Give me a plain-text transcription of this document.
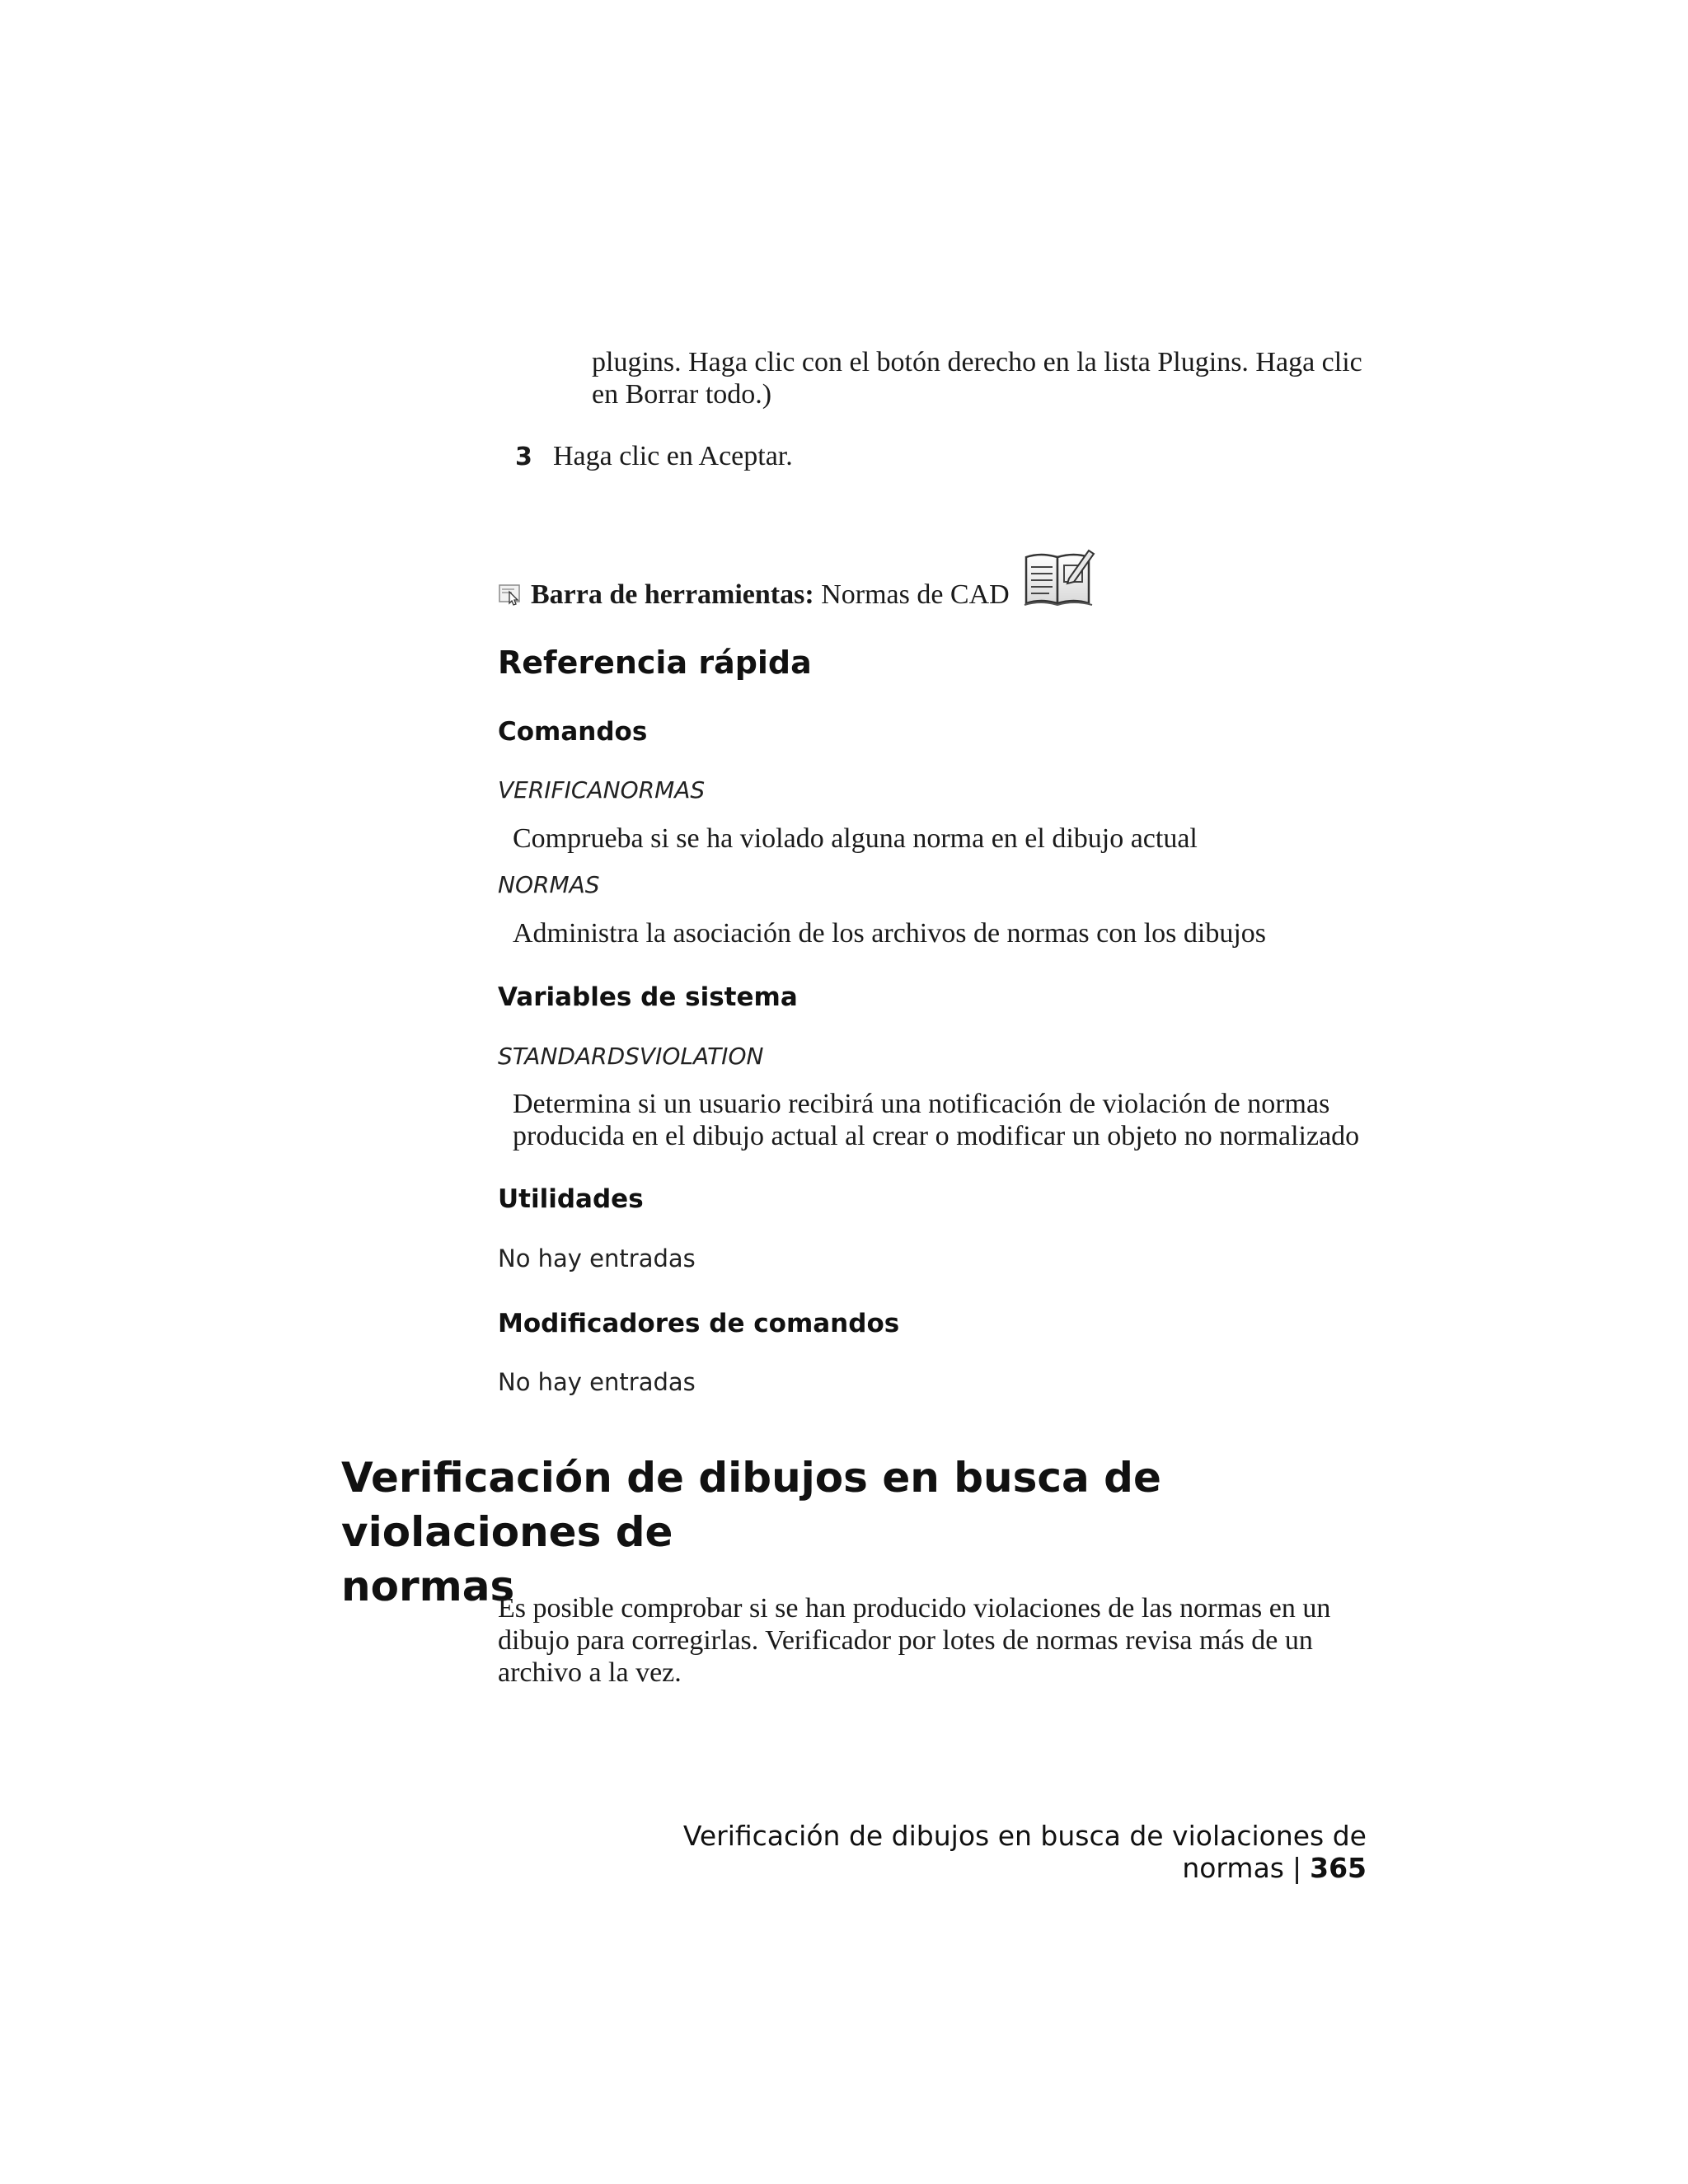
plugins. Haga clic con el botón derecho en la lista Plugins. Haga clic
en Borrar todo.)
3 Haga clic en Aceptar.
Barra de herramientas:
Normas de CAD
Referencia rápida
Comandos
VERIFICANORMAS
Comprueba si se ha violado alguna norma en el dibujo actual
NORMAS
Administra la asociación de los archivos de normas con los dibujos
Variables de sistema
STANDARDSVIOLATION
Determina si un usuario recibirá una notificación de violación de normas
producida en el dibujo actual al crear o modificar un objeto no normalizado
Utilidades
No hay entradas
Modificadores de comandos
No hay entradas
Verificación de dibujos en busca de violaciones de
normas
Es posible comprobar si se han producido violaciones de las normas en un
dibujo para corregirlas. Verificador por lotes de normas revisa más de un
archivo a la vez.
Verificación de dibujos en busca de violaciones de normas | 365
